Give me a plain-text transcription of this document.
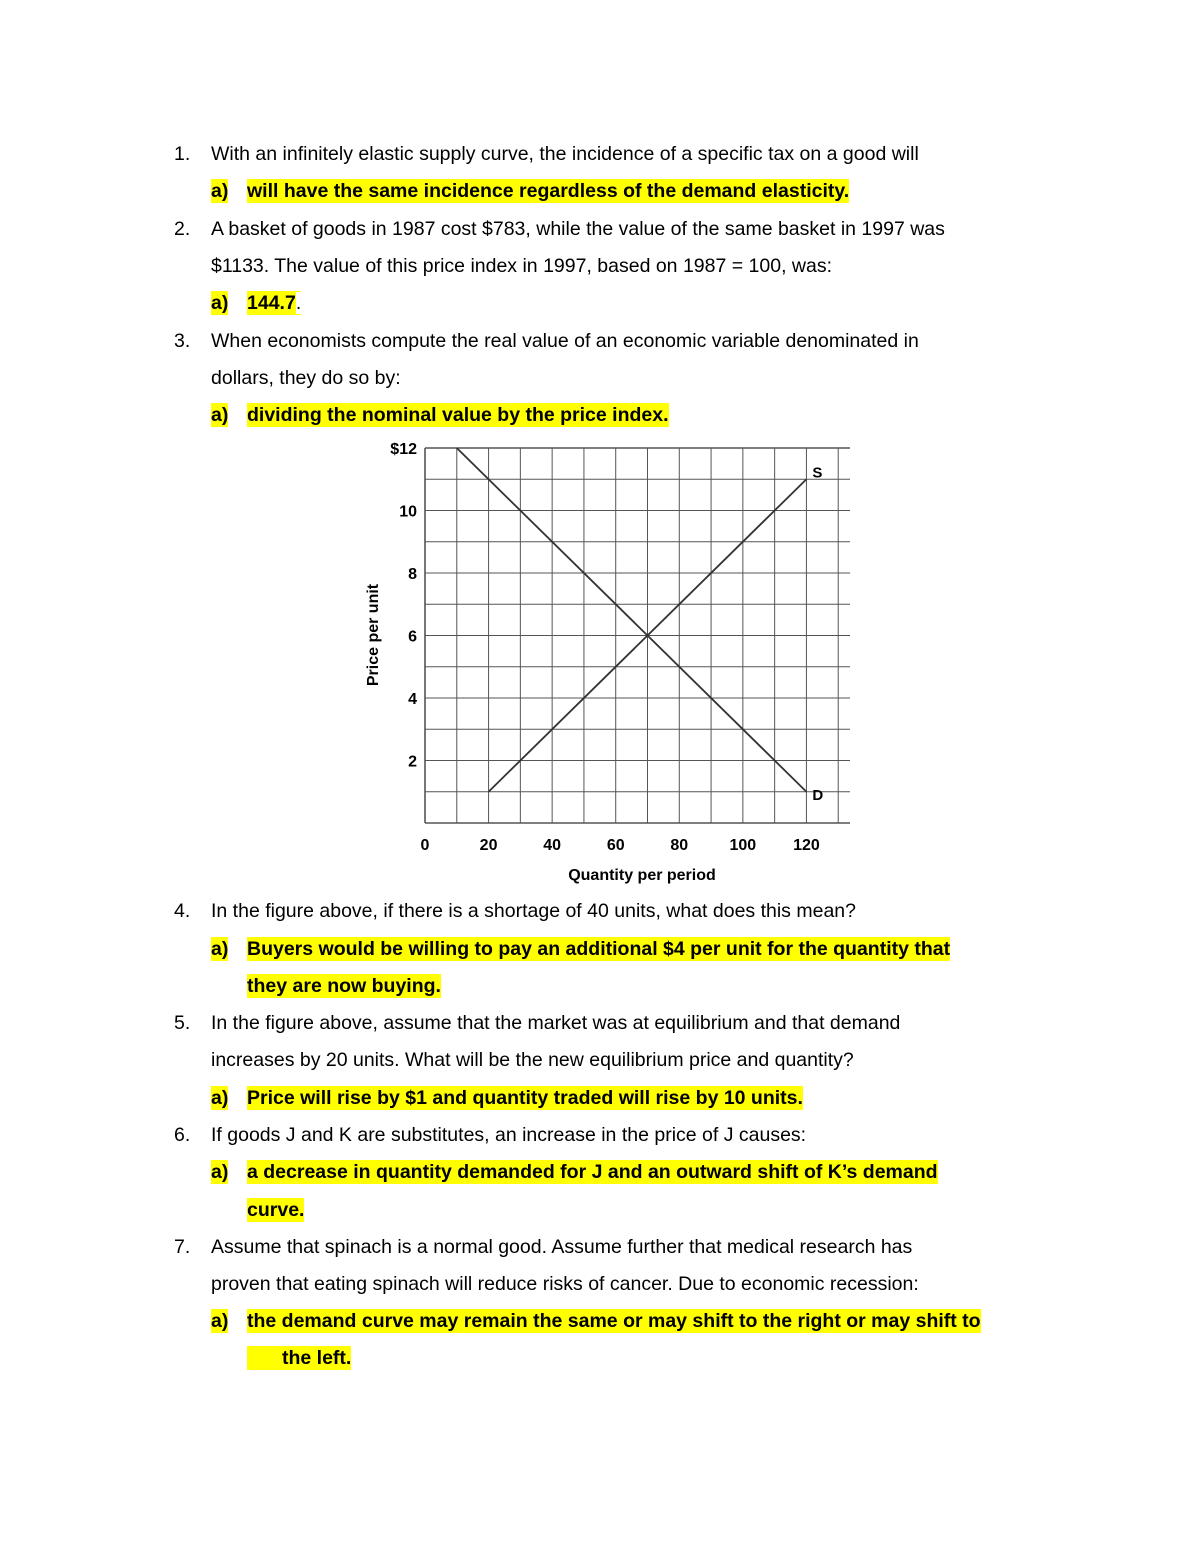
1. With an infinitely elastic supply curve, the incidence of a specific tax on a good will
a) will have the same incidence regardless of the demand elasticity.
2. A basket of goods in 1987 cost $783, while the value of the same basket in 1997 was
$1133. The value of this price index in 1997, based on 1987 = 100, was:
a) 144.7.
3. When economists compute the real value of an economic variable denominated in
dollars, they do so by:
a) dividing the nominal value by the price index.
0	20	40	60	80	100 120
$12
10
8
6
4
2
S
D
Quantity per period
Price per unit
4. In the figure above, if there is a shortage of 40 units, what does this mean?
a) Buyers would be willing to pay an additional $4 per unit for the quantity that
they are now buying.
5. In the figure above, assume that the market was at equilibrium and that demand
increases by 20 units. What will be the new equilibrium price and quantity?
a) Price will rise by $1 and quantity traded will rise by 10 units.
6. If goods J and K are substitutes, an increase in the price of J causes:
a) a decrease in quantity demanded for J and an outward shift of K’s demand
curve.
7. Assume that spinach is a normal good. Assume further that medical research has
proven that eating spinach will reduce risks of cancer. Due to economic recession:
a) the demand curve may remain the same or may shift to the right or may shift to
the left.
